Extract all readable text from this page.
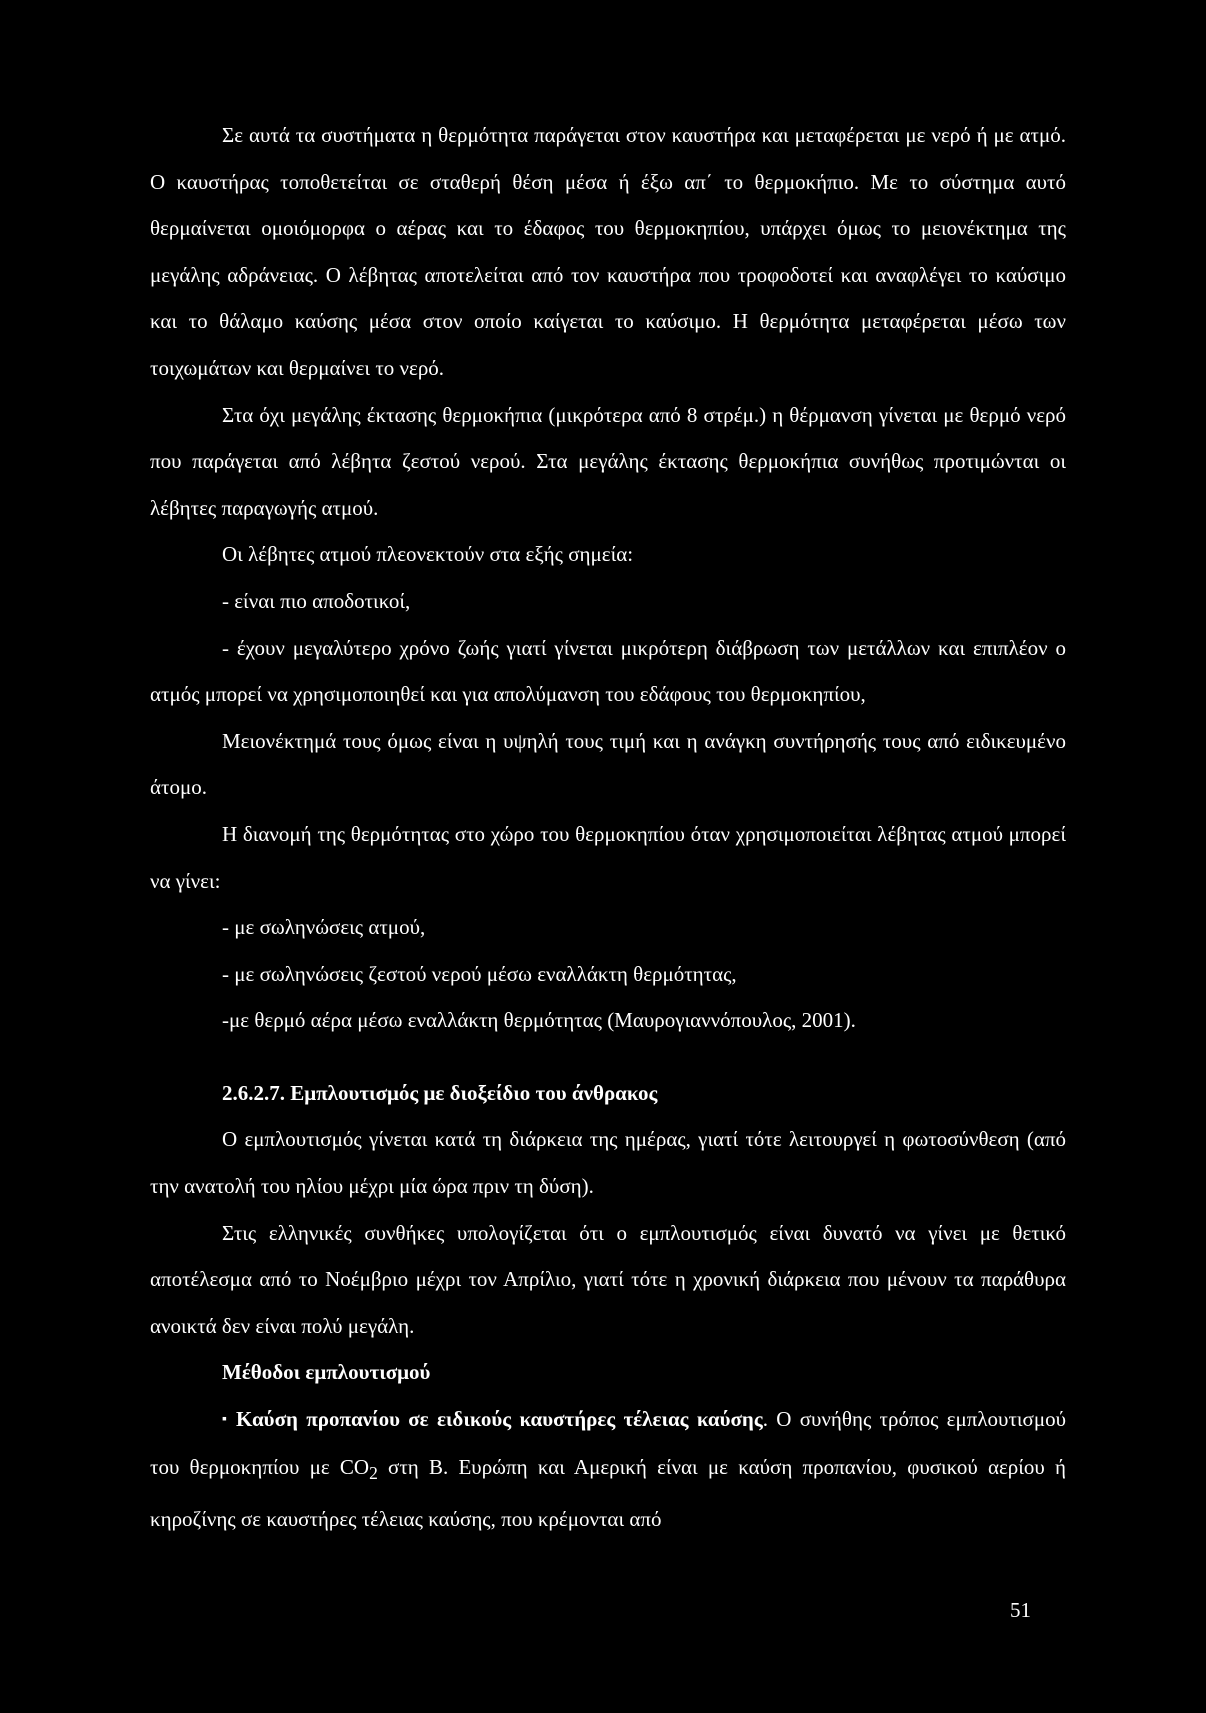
Σε αυτά τα συστήματα η θερμότητα παράγεται στον καυστήρα και μεταφέρεται με νερό ή με ατμό. Ο καυστήρας τοποθετείται σε σταθερή θέση μέσα ή έξω απ΄ το θερμοκήπιο. Με το σύστημα αυτό θερμαίνεται ομοιόμορφα ο αέρας και το έδαφος του θερμοκηπίου, υπάρχει όμως το μειονέκτημα της μεγάλης αδράνειας. Ο λέβητας αποτελείται από τον καυστήρα που τροφοδοτεί και αναφλέγει το καύσιμο και το θάλαμο καύσης μέσα στον οποίο καίγεται το καύσιμο. Η θερμότητα μεταφέρεται μέσω των τοιχωμάτων και θερμαίνει το νερό.

Στα όχι μεγάλης έκτασης θερμοκήπια (μικρότερα από 8 στρέμ.) η θέρμανση γίνεται με θερμό νερό που παράγεται από λέβητα ζεστού νερού. Στα μεγάλης έκτασης θερμοκήπια συνήθως προτιμώνται οι λέβητες παραγωγής ατμού.

Οι λέβητες ατμού πλεονεκτούν στα εξής σημεία:

- είναι πιο αποδοτικοί,

- έχουν μεγαλύτερο χρόνο ζωής γιατί γίνεται μικρότερη διάβρωση των μετάλλων και επιπλέον ο ατμός μπορεί να χρησιμοποιηθεί και για απολύμανση του εδάφους του θερμοκηπίου,

Μειονέκτημά τους όμως είναι η υψηλή τους τιμή και η ανάγκη συντήρησής τους από ειδικευμένο άτομο.

Η διανομή της θερμότητας στο χώρο του θερμοκηπίου όταν χρησιμοποιείται λέβητας ατμού μπορεί να γίνει:

- με σωληνώσεις ατμού,

- με σωληνώσεις ζεστού νερού μέσω εναλλάκτη θερμότητας,

-με θερμό αέρα μέσω εναλλάκτη θερμότητας (Μαυρογιαννόπουλος, 2001).

2.6.2.7. Εμπλουτισμός με διοξείδιο του άνθρακος

Ο εμπλουτισμός γίνεται κατά τη διάρκεια της ημέρας, γιατί τότε λειτουργεί η φωτοσύνθεση (από την ανατολή του ηλίου μέχρι μία ώρα πριν τη δύση).

Στις ελληνικές συνθήκες υπολογίζεται ότι ο εμπλουτισμός είναι δυνατό να γίνει με θετικό αποτέλεσμα από το Νοέμβριο μέχρι τον Απρίλιο, γιατί τότε η χρονική διάρκεια που μένουν τα παράθυρα ανοικτά δεν είναι πολύ μεγάλη.

Μέθοδοι εμπλουτισμού

▪ Καύση προπανίου σε ειδικούς καυστήρες τέλειας καύσης. Ο συνήθης τρόπος εμπλουτισμού του θερμοκηπίου με $CO_2$ στη Β. Ευρώπη και Αμερική είναι με καύση προπανίου, φυσικού αερίου ή κηροζίνης σε καυστήρες τέλειας καύσης, που κρέμονται από

51
